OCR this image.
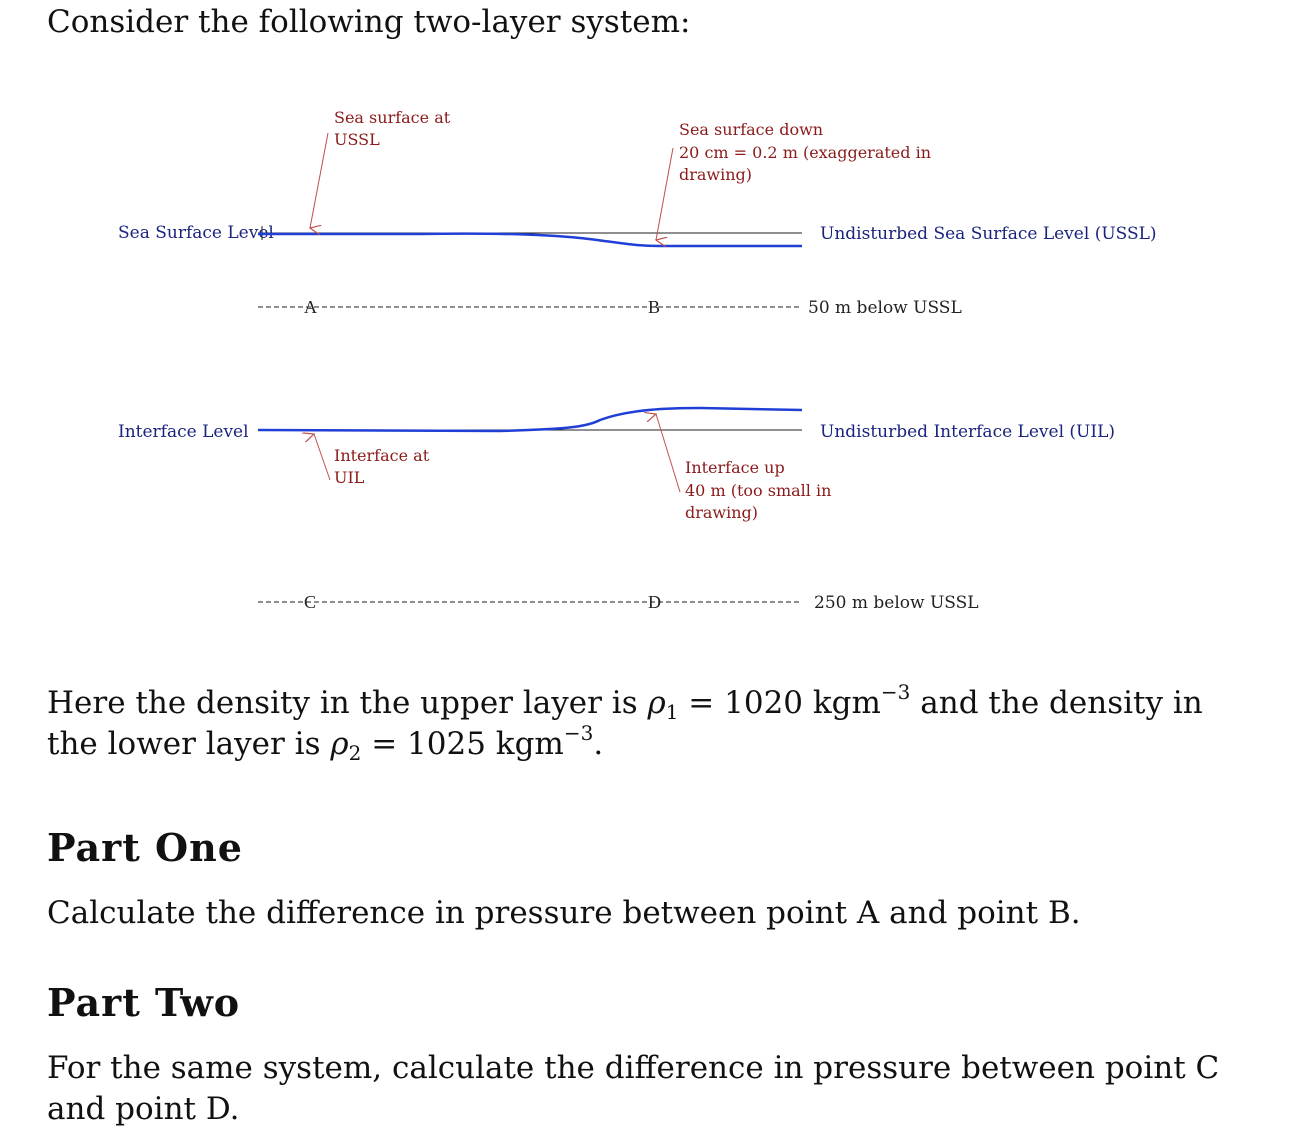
Consider the following two-layer system:
Sea Surface Level
Interface Level
A	B	50 m below USSL
C	D	250 m below USSL
Undisturbed Sea Surface Level (USSL)
Undisturbed Interface Level (UIL)
Sea surface at USSL
Sea surface down 20 cm = 0.2 m (exaggerated in drawing)
Interface at UIL
Interface up 40 m (too small in drawing)
Here the density in the upper layer is $\rho_1 = 1020$ kgm$^{-3}$ and the density in the lower layer is $\rho_2 = 1025$ kgm$^{-3}$.
Part One
Calculate the difference in pressure between point A and point B.
Part Two
For the same system, calculate the difference in pressure between point C and point D.
